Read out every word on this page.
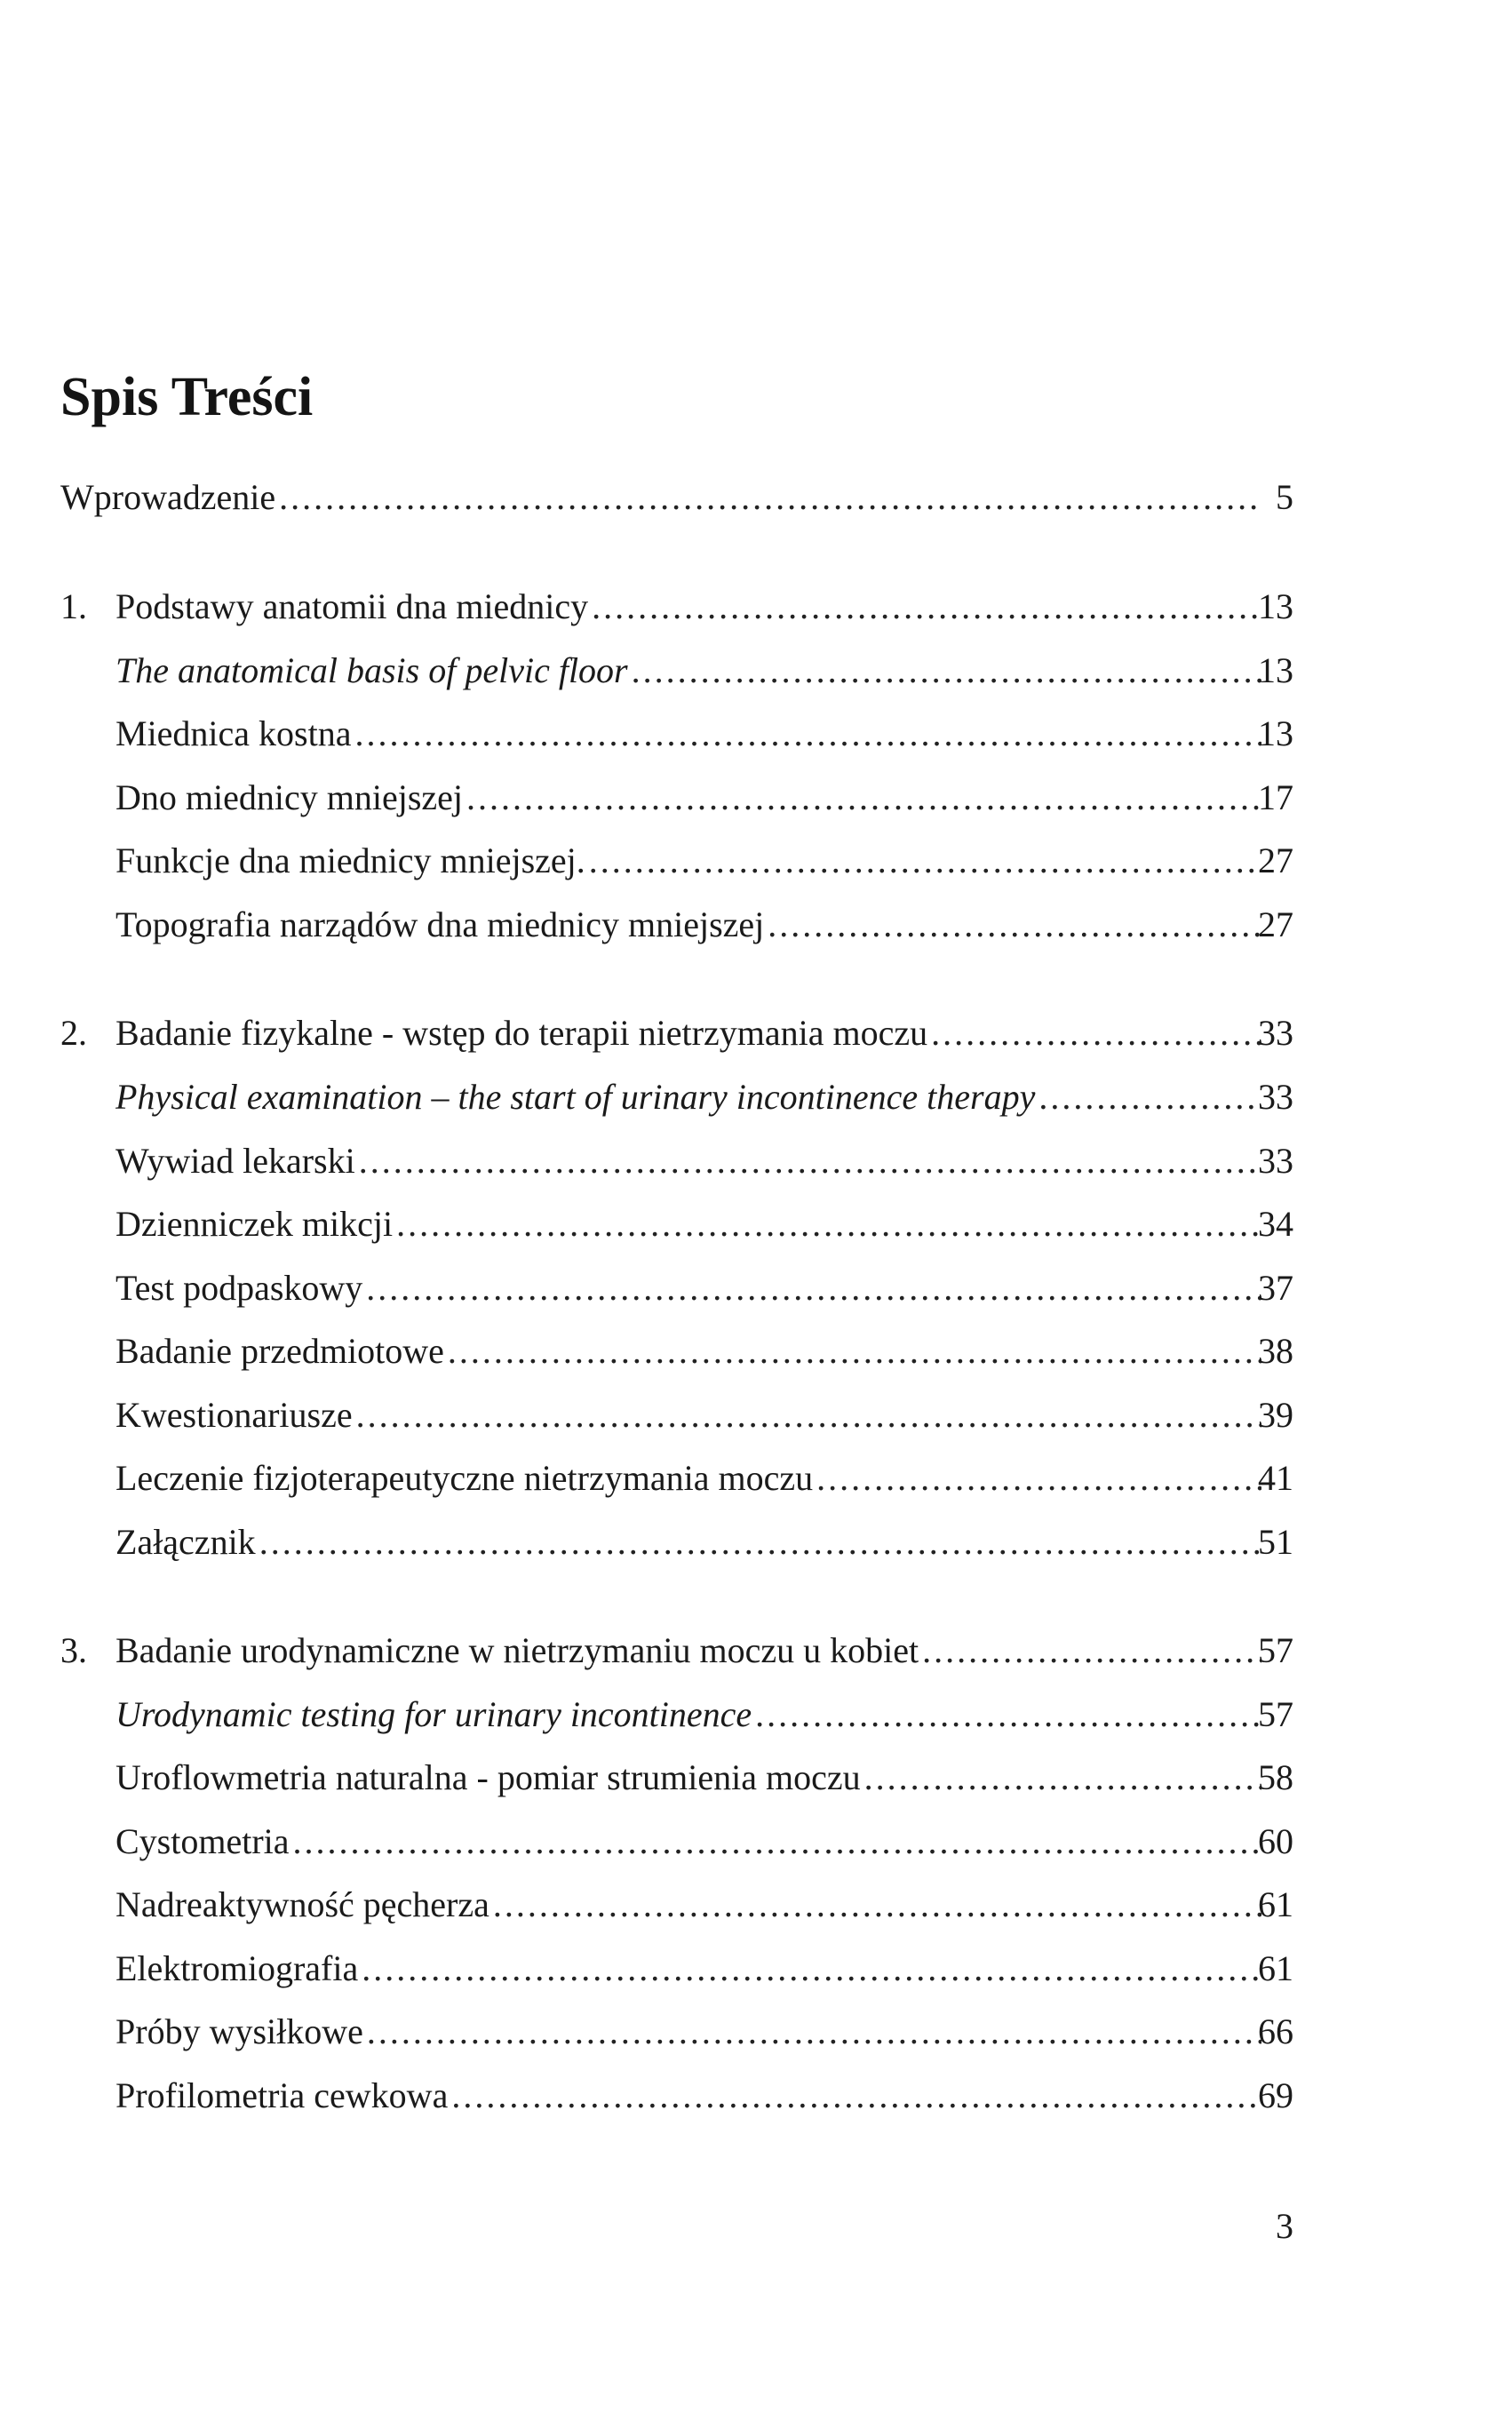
Spis Treści
Wprowadzenie .....	5
1. Podstawy anatomii dna miednicy .....	13
The anatomical basis of pelvic floor .....	13
Miednica kostna .....	13
Dno miednicy mniejszej .....	17
Funkcje dna miednicy mniejszej. .....	27
Topografia narządów dna miednicy mniejszej .....	27
2. Badanie fizykalne - wstęp do terapii nietrzymania moczu .....	33
Physical examination – the start of urinary incontinence therapy .....	33
Wywiad lekarski .....	33
Dzienniczek mikcji .....	34
Test podpaskowy .....	37
Badanie przedmiotowe .....	38
Kwestionariusze .....	39
Leczenie fizjoterapeutyczne nietrzymania moczu .....	41
Załącznik .....	51
3. Badanie urodynamiczne w nietrzymaniu moczu u kobiet .....	57
Urodynamic testing for urinary incontinence .....	57
Uroflowmetria naturalna - pomiar strumienia moczu .....	58
Cystometria .....	60
Nadreaktywność pęcherza .....	61
Elektromiografia .....	61
Próby wysiłkowe .....	66
Profilometria cewkowa .....	69
3
